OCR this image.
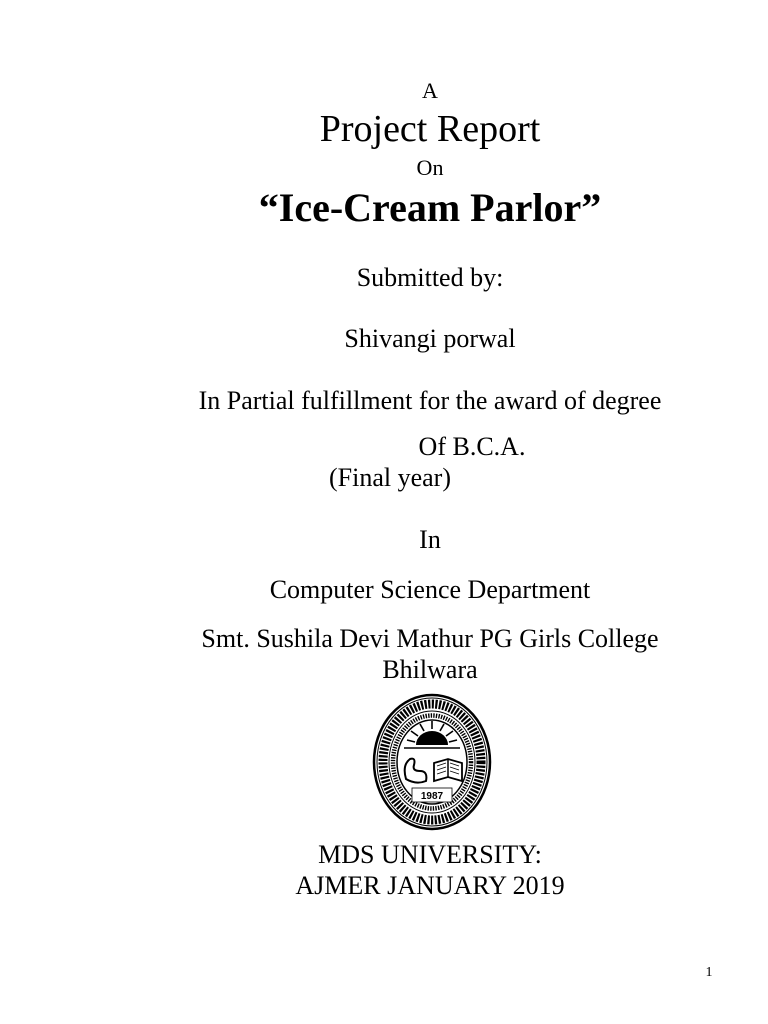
A
Project Report
On
“Ice-Cream Parlor”
Submitted by:
Shivangi porwal
In Partial fulfillment for the award of degree
Of B.C.A.
(Final year)
In
Computer Science Department
Smt. Sushila Devi Mathur PG Girls College
Bhilwara
1987
MDS UNIVERSITY:
AJMER JANUARY 2019
1
